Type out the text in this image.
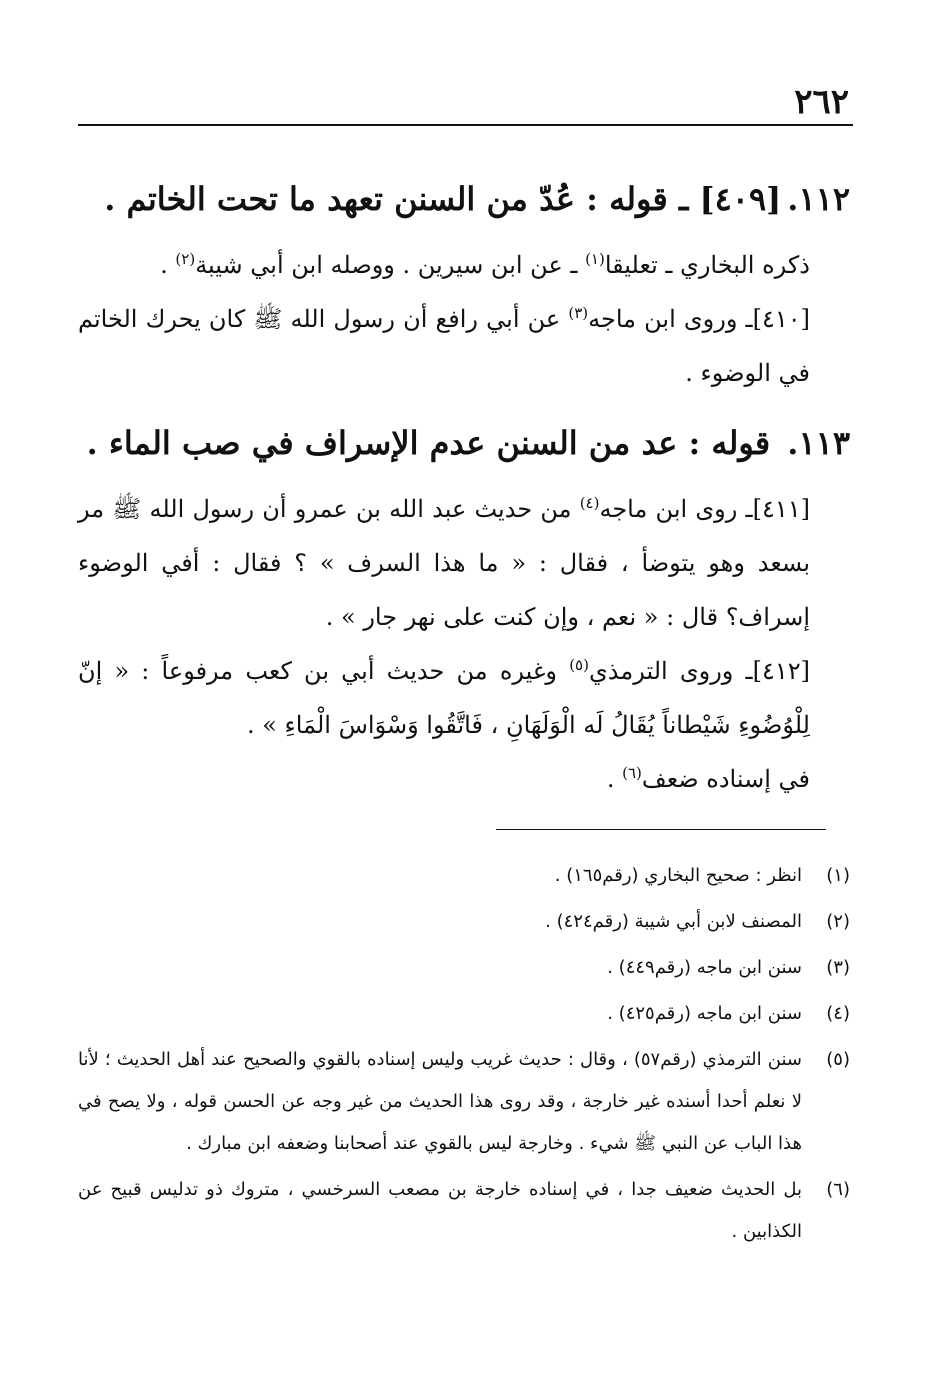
٢٦٢
١١٢.[٤٠٩] ـ قوله : عُدّ من السنن تعهد ما تحت الخاتم .

ذكره البخاري ـ تعليقا$^{(١)}$ ـ عن ابن سيرين . ووصله ابن أبي شيبة$^{(٢)}$ .

[٤١٠]ـ وروى ابن ماجه$^{(٣)}$ عن أبي رافع أن رسول الله ﷺ كان يحرك الخاتم في الوضوء .

١١٣. قوله : عد من السنن عدم الإسراف في صب الماء .

[٤١١]ـ روى ابن ماجه$^{(٤)}$ من حديث عبد الله بن عمرو أن رسول الله ﷺ مر بسعد وهو يتوضأ ، فقال : « ما هذا السرف » ؟ فقال : أفي الوضوء إسراف؟ قال : « نعم ، وإن كنت على نهر جار » .

[٤١٢]ـ وروى الترمذي$^{(٥)}$ وغيره من حديث أبي بن كعب مرفوعاً : « إنّ لِلْوُضُوءِ شَيْطاناً يُقَالُ لَه الْوَلَهَانِ ، فَاتَّقُوا وَسْوَاسَ الْمَاءِ » .

في إسناده ضعف$^{(٦)}$ .

(١)
انظر : صحيح البخاري (رقم١٦٥) .
(٢)
المصنف لابن أبي شيبة (رقم٤٢٤) .
(٣)
سنن ابن ماجه (رقم٤٤٩) .
(٤)
سنن ابن ماجه (رقم٤٢٥) .
(٥)
سنن الترمذي (رقم٥٧) ، وقال : حديث غريب وليس إسناده بالقوي والصحيح عند أهل الحديث ؛ لأنا لا نعلم أحدا أسنده غير خارجة ، وقد روى هذا الحديث من غير وجه عن الحسن قوله ، ولا يصح في هذا الباب عن النبي ﷺ شيء . وخارجة ليس بالقوي عند أصحابنا وضعفه ابن مبارك .
(٦)
بل الحديث ضعيف جدا ، في إسناده خارجة بن مصعب السرخسي ، متروك ذو تدليس قبيح عن الكذابين .
